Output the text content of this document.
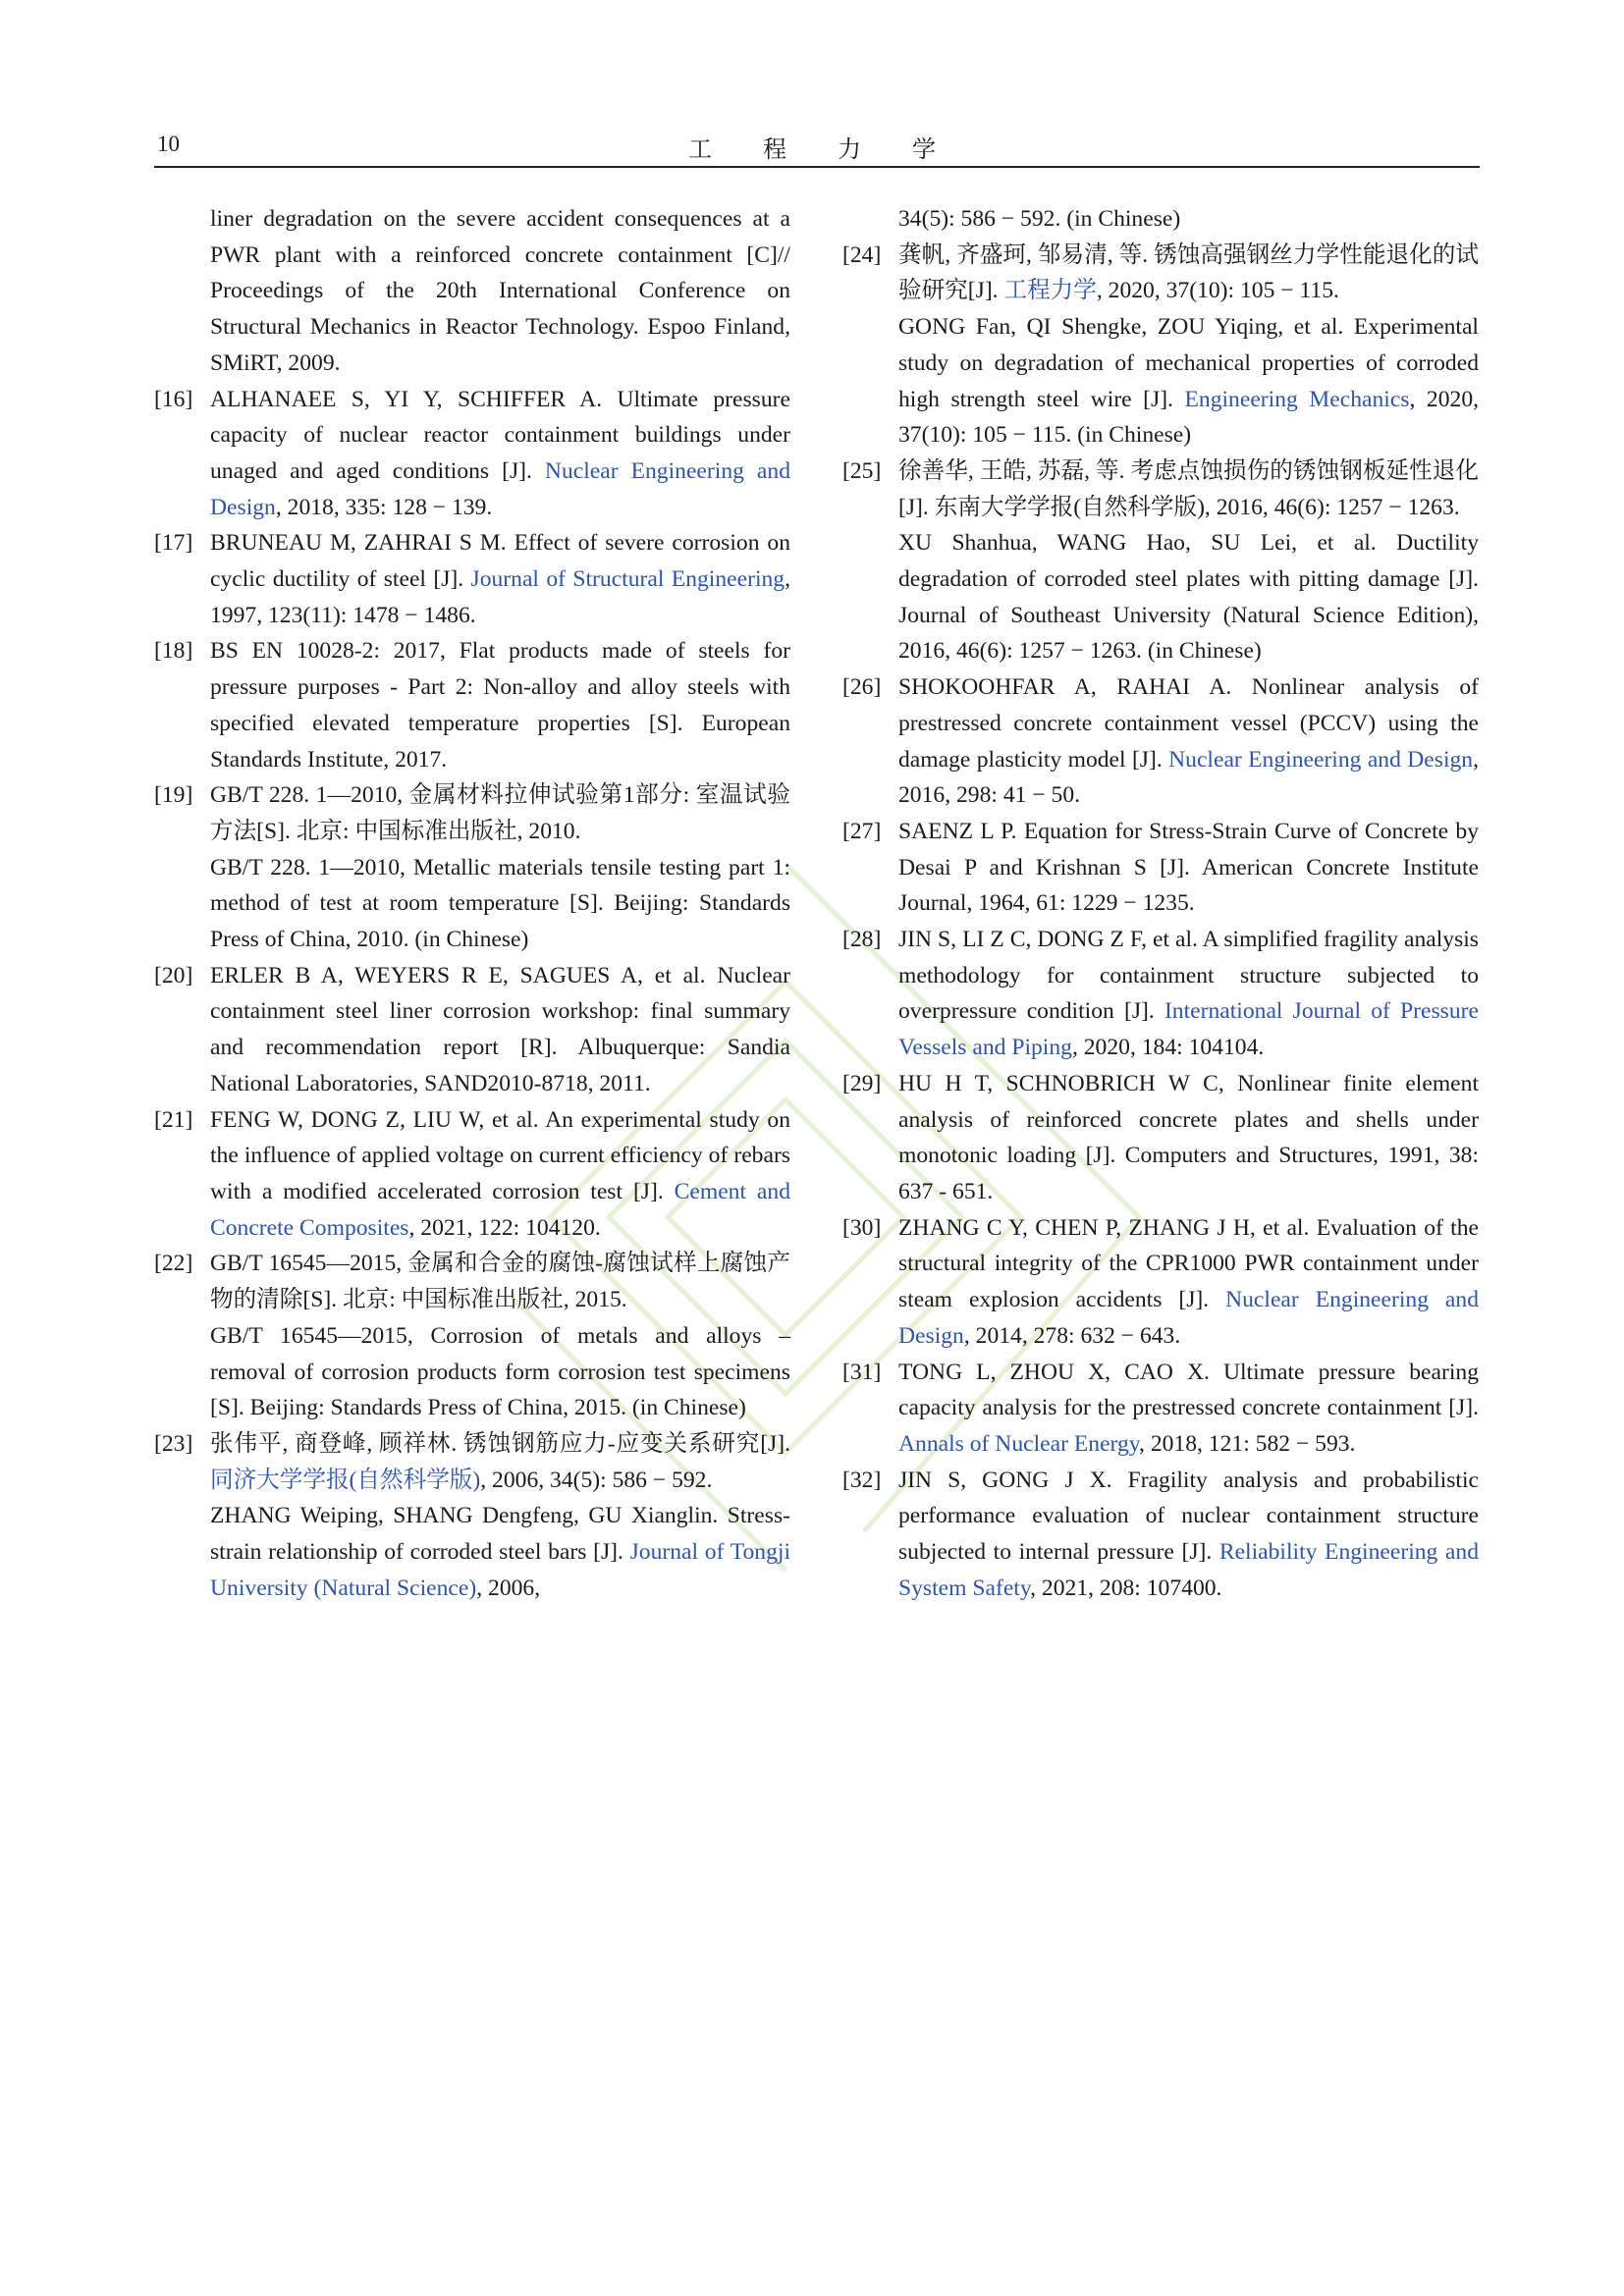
10	工程力学

liner degradation on the severe accident consequences at a PWR plant with a reinforced concrete containment [C]// Proceedings of the 20th International Conference on Structural Mechanics in Reactor Technology. Espoo Finland, SMiRT, 2009.

[16] ALHANAEE S, YI Y, SCHIFFER A. Ultimate pressure capacity of nuclear reactor containment buildings under unaged and aged conditions [J]. Nuclear Engineering and Design, 2018, 335: 128 − 139.

[17] BRUNEAU M, ZAHRAI S M. Effect of severe corrosion on cyclic ductility of steel [J]. Journal of Structural Engineering, 1997, 123(11): 1478 − 1486.

[18] BS EN 10028-2: 2017, Flat products made of steels for pressure purposes - Part 2: Non-alloy and alloy steels with specified elevated temperature properties [S]. European Standards Institute, 2017.

[19] GB/T 228. 1—2010, 金属材料拉伸试验第1部分: 室温试验方法[S]. 北京: 中国标准出版社, 2010.

GB/T 228. 1—2010, Metallic materials tensile testing part 1: method of test at room temperature [S]. Beijing: Standards Press of China, 2010. (in Chinese)

[20] ERLER B A, WEYERS R E, SAGUES A, et al. Nuclear containment steel liner corrosion workshop: final summary and recommendation report [R]. Albuquerque: Sandia National Laboratories, SAND2010-8718, 2011.

[21] FENG W, DONG Z, LIU W, et al. An experimental study on the influence of applied voltage on current efficiency of rebars with a modified accelerated corrosion test [J]. Cement and Concrete Composites, 2021, 122: 104120.

[22] GB/T 16545—2015, 金属和合金的腐蚀-腐蚀试样上腐蚀产物的清除[S]. 北京: 中国标准出版社, 2015.

GB/T 16545—2015, Corrosion of metals and alloys – removal of corrosion products form corrosion test specimens [S]. Beijing: Standards Press of China, 2015. (in Chinese)

[23] 张伟平, 商登峰, 顾祥林. 锈蚀钢筋应力-应变关系研究[J]. 同济大学学报(自然科学版), 2006, 34(5): 586 − 592.

ZHANG Weiping, SHANG Dengfeng, GU Xianglin. Stress-strain relationship of corroded steel bars [J]. Journal of Tongji University (Natural Science), 2006,

34(5): 586 − 592. (in Chinese)

[24] 龚帆, 齐盛珂, 邹易清, 等. 锈蚀高强钢丝力学性能退化的试验研究[J]. 工程力学, 2020, 37(10): 105 − 115.

GONG Fan, QI Shengke, ZOU Yiqing, et al. Experimental study on degradation of mechanical properties of corroded high strength steel wire [J]. Engineering Mechanics, 2020, 37(10): 105 − 115. (in Chinese)

[25] 徐善华, 王皓, 苏磊, 等. 考虑点蚀损伤的锈蚀钢板延性退化[J]. 东南大学学报(自然科学版), 2016, 46(6): 1257 − 1263.

XU Shanhua, WANG Hao, SU Lei, et al. Ductility degradation of corroded steel plates with pitting damage [J]. Journal of Southeast University (Natural Science Edition), 2016, 46(6): 1257 − 1263. (in Chinese)

[26] SHOKOOHFAR A, RAHAI A. Nonlinear analysis of prestressed concrete containment vessel (PCCV) using the damage plasticity model [J]. Nuclear Engineering and Design, 2016, 298: 41 − 50.

[27] SAENZ L P. Equation for Stress-Strain Curve of Concrete by Desai P and Krishnan S [J]. American Concrete Institute Journal, 1964, 61: 1229 − 1235.

[28] JIN S, LI Z C, DONG Z F, et al. A simplified fragility analysis methodology for containment structure subjected to overpressure condition [J]. International Journal of Pressure Vessels and Piping, 2020, 184: 104104.

[29] HU H T, SCHNOBRICH W C, Nonlinear finite element analysis of reinforced concrete plates and shells under monotonic loading [J]. Computers and Structures, 1991, 38: 637 - 651.

[30] ZHANG C Y, CHEN P, ZHANG J H, et al. Evaluation of the structural integrity of the CPR1000 PWR containment under steam explosion accidents [J]. Nuclear Engineering and Design, 2014, 278: 632 − 643.

[31] TONG L, ZHOU X, CAO X. Ultimate pressure bearing capacity analysis for the prestressed concrete containment [J]. Annals of Nuclear Energy, 2018, 121: 582 − 593.

[32] JIN S, GONG J X. Fragility analysis and probabilistic performance evaluation of nuclear containment structure subjected to internal pressure [J]. Reliability Engineering and System Safety, 2021, 208: 107400.
